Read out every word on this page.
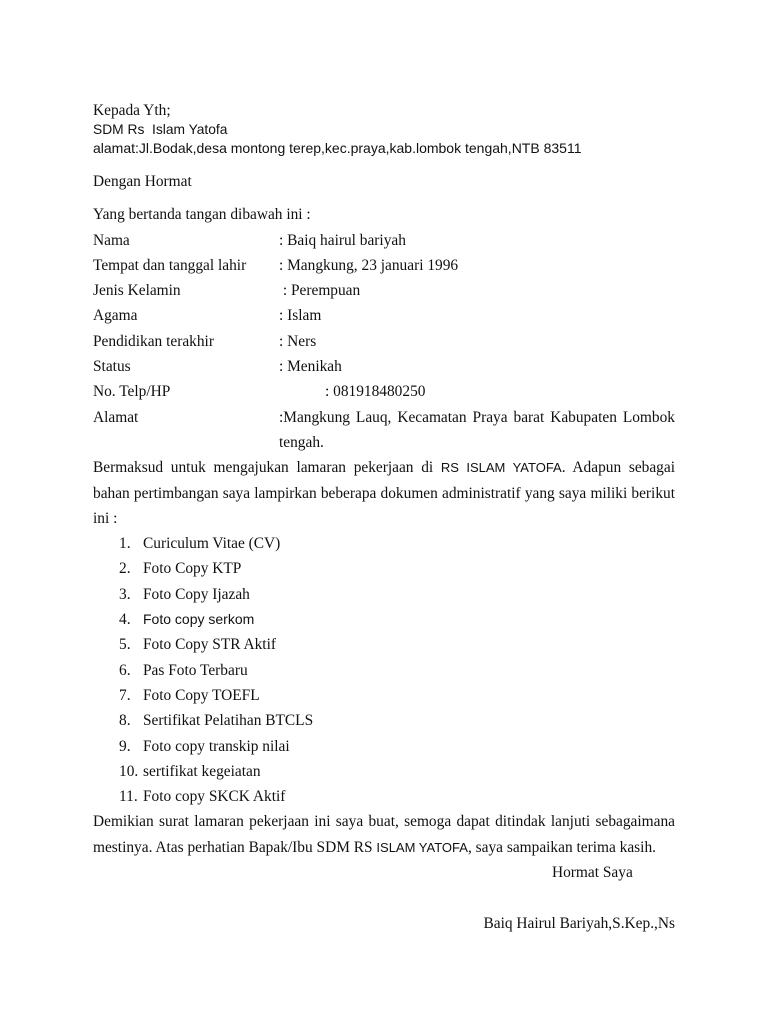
Kepada Yth;
SDM Rs  Islam Yatofa
alamat:Jl.Bodak,desa montong terep,kec.praya,kab.lombok tengah,NTB 83511
Dengan Hormat
Yang bertanda tangan dibawah ini :
Nama	: Baiq hairul bariyah
Tempat dan tanggal lahir	: Mangkung, 23 januari 1996
Jenis Kelamin	: Perempuan
Agama	: Islam
Pendidikan terakhir	: Ners
Status	: Menikah
No. Telp/HP	: 081918480250
Alamat	:Mangkung Lauq, Kecamatan Praya barat Kabupaten Lombok tengah.
Bermaksud untuk mengajukan lamaran pekerjaan di RS ISLAM YATOFA. Adapun sebagai
bahan pertimbangan saya lampirkan beberapa dokumen administratif yang saya miliki berikut
ini :
1. Curiculum Vitae (CV)
2. Foto Copy KTP
3. Foto Copy Ijazah
4. Foto copy serkom
5. Foto Copy STR Aktif
6. Pas Foto Terbaru
7. Foto Copy TOEFL
8. Sertifikat Pelatihan BTCLS
9. Foto copy transkip nilai
10. sertifikat kegeiatan
11. Foto copy SKCK Aktif
Demikian surat lamaran pekerjaan ini saya buat, semoga dapat ditindak lanjuti sebagaimana
mestinya. Atas perhatian Bapak/Ibu SDM RS ISLAM YATOFA, saya sampaikan terima kasih.
Hormat Saya
Baiq Hairul Bariyah,S.Kep.,Ns
